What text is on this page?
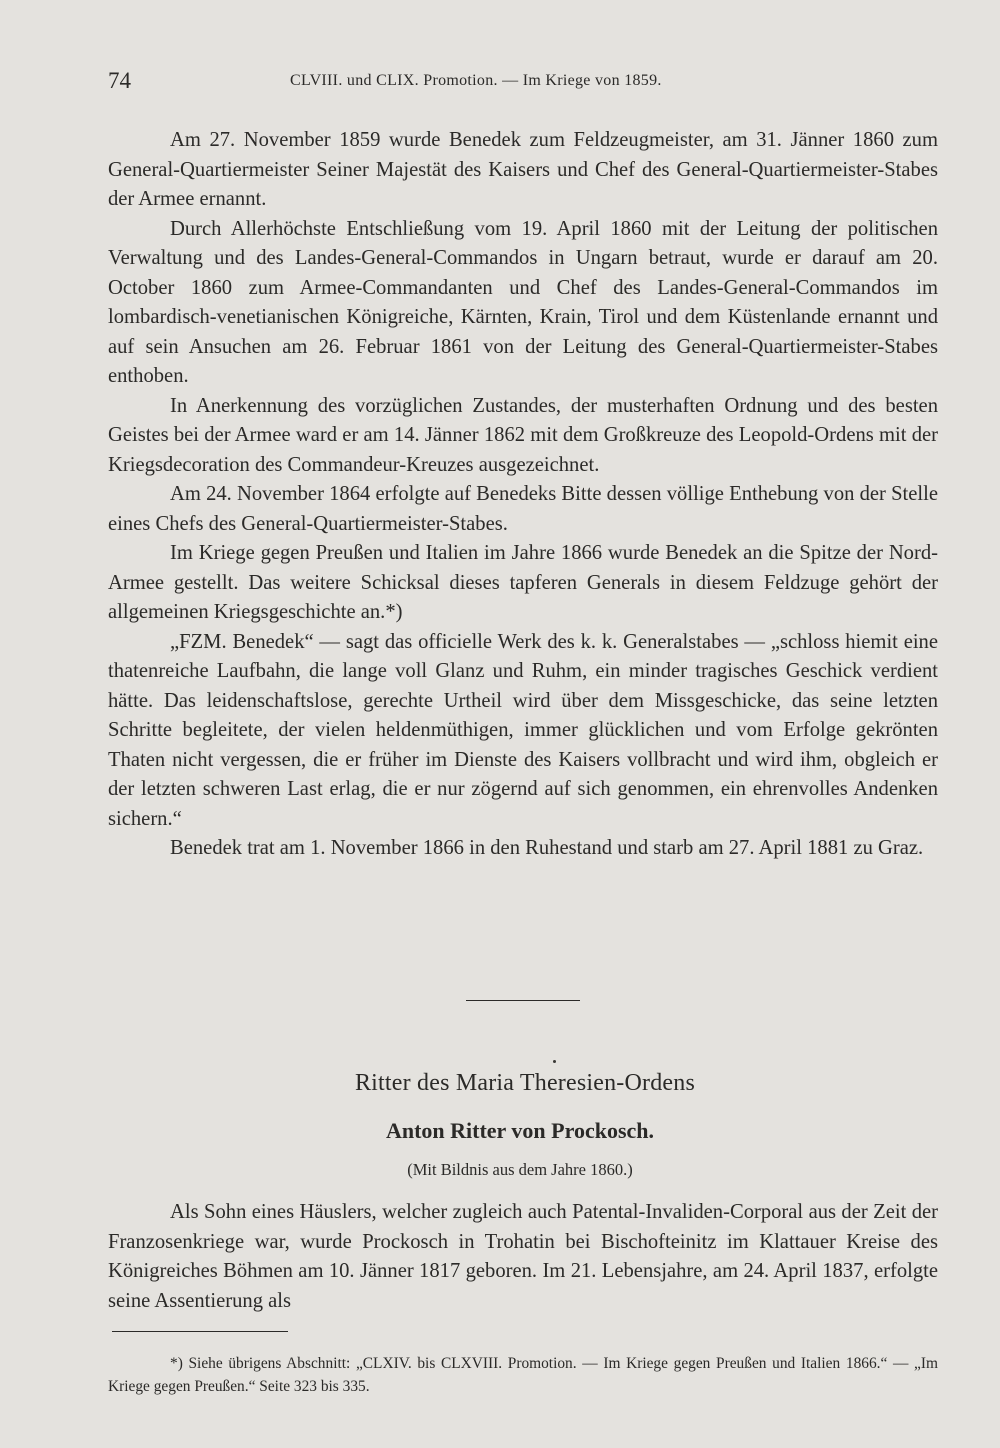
74	CLVIII. und CLIX. Promotion. — Im Kriege von 1859.

Am 27. November 1859 wurde Benedek zum Feldzeugmeister, am 31. Jänner 1860 zum General-Quartiermeister Seiner Majestät des Kaisers und Chef des General-Quartiermeister-Stabes der Armee ernannt.

Durch Allerhöchste Entschließung vom 19. April 1860 mit der Leitung der politischen Verwaltung und des Landes-General-Commandos in Ungarn betraut, wurde er darauf am 20. October 1860 zum Armee-Commandanten und Chef des Landes-General-Commandos im lombardisch-venetianischen Königreiche, Kärnten, Krain, Tirol und dem Küstenlande ernannt und auf sein Ansuchen am 26. Februar 1861 von der Leitung des General-Quartiermeister-Stabes enthoben.

In Anerkennung des vorzüglichen Zustandes, der musterhaften Ordnung und des besten Geistes bei der Armee ward er am 14. Jänner 1862 mit dem Großkreuze des Leopold-Ordens mit der Kriegsdecoration des Commandeur-Kreuzes ausgezeichnet.

Am 24. November 1864 erfolgte auf Benedeks Bitte dessen völlige Enthebung von der Stelle eines Chefs des General-Quartiermeister-Stabes.

Im Kriege gegen Preußen und Italien im Jahre 1866 wurde Benedek an die Spitze der Nord-Armee gestellt. Das weitere Schicksal dieses tapferen Generals in diesem Feldzuge gehört der allgemeinen Kriegsgeschichte an.*)

„FZM. Benedek“ — sagt das officielle Werk des k. k. Generalstabes — „schloss hiemit eine thatenreiche Laufbahn, die lange voll Glanz und Ruhm, ein minder tragisches Geschick verdient hätte. Das leidenschaftslose, gerechte Urtheil wird über dem Missgeschicke, das seine letzten Schritte begleitete, der vielen heldenmüthigen, immer glücklichen und vom Erfolge gekrönten Thaten nicht vergessen, die er früher im Dienste des Kaisers vollbracht und wird ihm, obgleich er der letzten schweren Last erlag, die er nur zögernd auf sich genommen, ein ehrenvolles Andenken sichern.“

Benedek trat am 1. November 1866 in den Ruhestand und starb am 27. April 1881 zu Graz.

Ritter des Maria Theresien-Ordens
Anton Ritter von Prockosch.
(Mit Bildnis aus dem Jahre 1860.)

Als Sohn eines Häuslers, welcher zugleich auch Patental-Invaliden-Corporal aus der Zeit der Franzosenkriege war, wurde Prockosch in Trohatin bei Bischofteinitz im Klattauer Kreise des Königreiches Böhmen am 10. Jänner 1817 geboren. Im 21. Lebensjahre, am 24. April 1837, erfolgte seine Assentierung als

*) Siehe übrigens Abschnitt: „CLXIV. bis CLXVIII. Promotion. — Im Kriege gegen Preußen und Italien 1866.“ — „Im Kriege gegen Preußen.“ Seite 323 bis 335.
